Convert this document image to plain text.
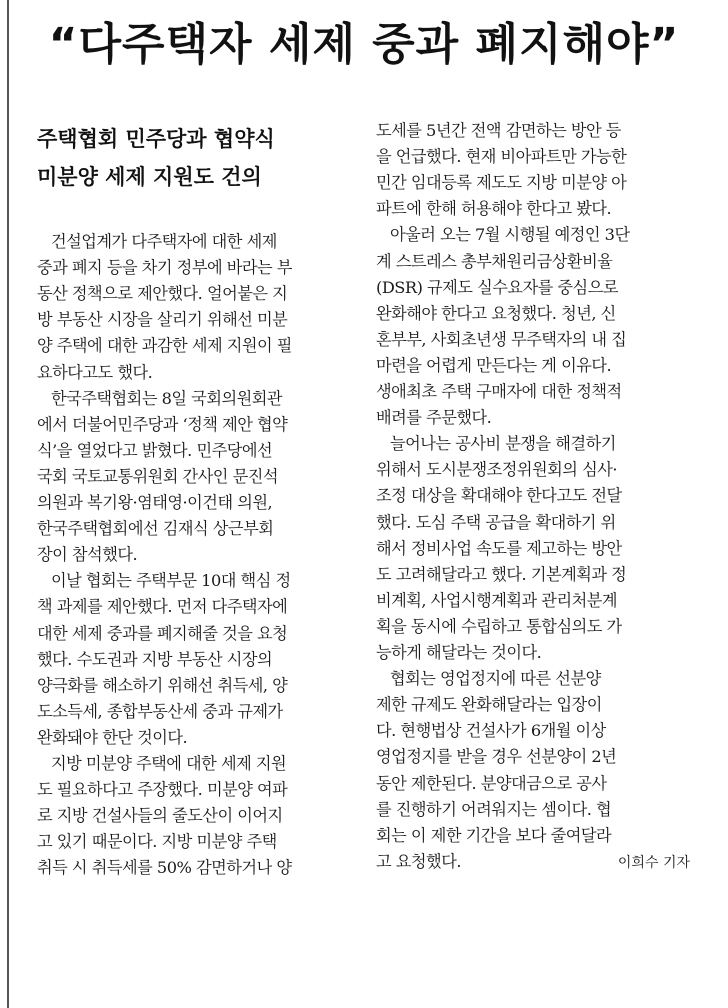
“다주택자 세제 중과 폐지해야”
주택협회 민주당과 협약식
미분양 세제 지원도 건의
건설업계가 다주택자에 대한 세제
중과 폐지 등을 차기 정부에 바라는 부
동산 정책으로 제안했다. 얼어붙은 지
방 부동산 시장을 살리기 위해선 미분
양 주택에 대한 과감한 세제 지원이 필
요하다고도 했다.
한국주택협회는 8일 국회의원회관
에서 더불어민주당과 ‘정책 제안 협약
식’을 열었다고 밝혔다. 민주당에선
국회 국토교통위원회 간사인 문진석
의원과 복기왕·염태영·이건태 의원,
한국주택협회에선 김재식 상근부회
장이 참석했다.
이날 협회는 주택부문 10대 핵심 정
책 과제를 제안했다. 먼저 다주택자에
대한 세제 중과를 폐지해줄 것을 요청
했다. 수도권과 지방 부동산 시장의
양극화를 해소하기 위해선 취득세, 양
도소득세, 종합부동산세 중과 규제가
완화돼야 한단 것이다.
지방 미분양 주택에 대한 세제 지원
도 필요하다고 주장했다. 미분양 여파
로 지방 건설사들의 줄도산이 이어지
고 있기 때문이다. 지방 미분양 주택
취득 시 취득세를 50% 감면하거나 양
도세를 5년간 전액 감면하는 방안 등
을 언급했다. 현재 비아파트만 가능한
민간 임대등록 제도도 지방 미분양 아
파트에 한해 허용해야 한다고 봤다.
아울러 오는 7월 시행될 예정인 3단
계 스트레스 총부채원리금상환비율
(DSR) 규제도 실수요자를 중심으로
완화해야 한다고 요청했다. 청년, 신
혼부부, 사회초년생 무주택자의 내 집
마련을 어렵게 만든다는 게 이유다.
생애최초 주택 구매자에 대한 정책적
배려를 주문했다.
늘어나는 공사비 분쟁을 해결하기
위해서 도시분쟁조정위원회의 심사·
조정 대상을 확대해야 한다고도 전달
했다. 도심 주택 공급을 확대하기 위
해서 정비사업 속도를 제고하는 방안
도 고려해달라고 했다. 기본계획과 정
비계획, 사업시행계획과 관리처분계
획을 동시에 수립하고 통합심의도 가
능하게 해달라는 것이다.
협회는 영업정지에 따른 선분양
제한 규제도 완화해달라는 입장이
다. 현행법상 건설사가 6개월 이상
영업정지를 받을 경우 선분양이 2년
동안 제한된다. 분양대금으로 공사
를 진행하기 어려워지는 셈이다. 협
회는 이 제한 기간을 보다 줄여달라
고 요청했다.	이희수 기자
